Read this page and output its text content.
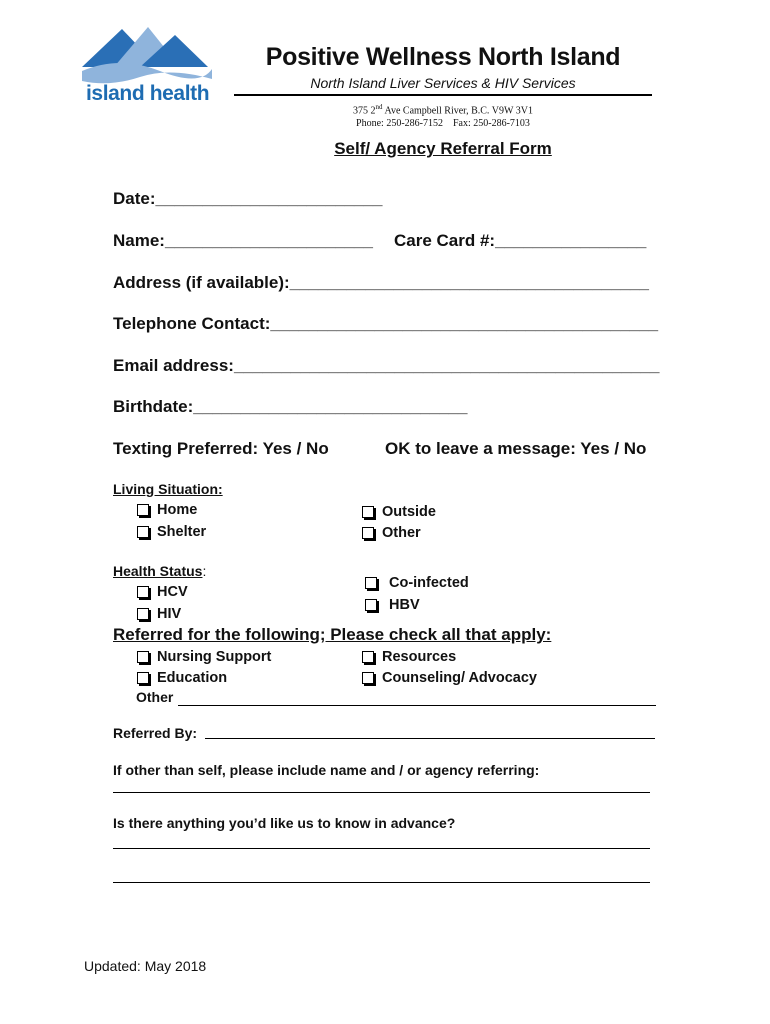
island health
Positive Wellness North Island
North Island Liver Services & HIV Services
375 2nd Ave Campbell River, B.C. V9W 3V1
Phone: 250-286-7152    Fax: 250-286-7103
Self/ Agency Referral Form
Date:________________________
Name:______________________ Care Card #:________________
Address (if available):______________________________________
Telephone Contact:_________________________________________
Email address:_____________________________________________
Birthdate:_____________________________
Texting Preferred: Yes / No	OK to leave a message: Yes / No
Living Situation:
Home
Shelter
Outside
Other
Health Status:
HCV
HIV
Co-infected
HBV
Referred for the following; Please check all that apply:
Nursing Support
Education
Resources
Counseling/ Advocacy
Other
Referred By:
If other than self, please include name and / or agency referring:
Is there anything you’d like us to know in advance?
Updated: May 2018
